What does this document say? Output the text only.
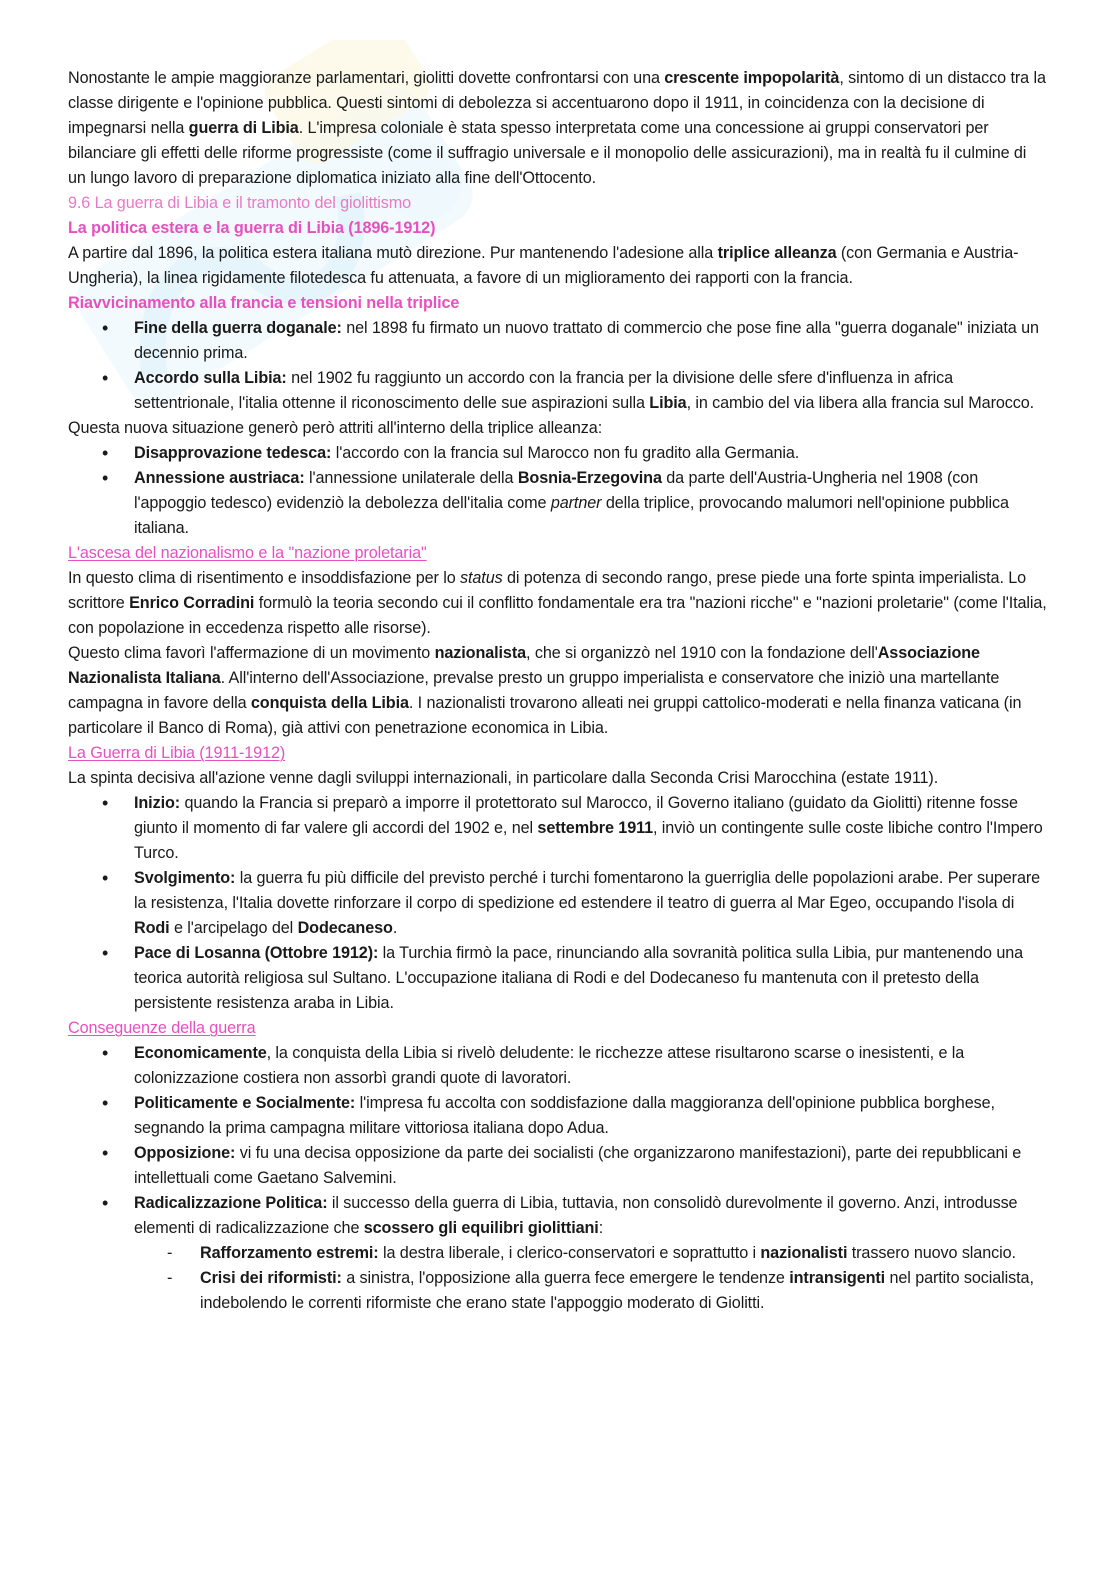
Nonostante le ampie maggioranze parlamentari, giolitti dovette confrontarsi con una crescente impopolarità, sintomo di un distacco tra la classe dirigente e l'opinione pubblica. Questi sintomi di debolezza si accentuarono dopo il 1911, in coincidenza con la decisione di impegnarsi nella guerra di Libia. L'impresa coloniale è stata spesso interpretata come una concessione ai gruppi conservatori per bilanciare gli effetti delle riforme progressiste (come il suffragio universale e il monopolio delle assicurazioni), ma in realtà fu il culmine di un lungo lavoro di preparazione diplomatica iniziato alla fine dell'Ottocento.

9.6 La guerra di Libia e il tramonto del giolittismo
La politica estera e la guerra di Libia (1896-1912)

A partire dal 1896, la politica estera italiana mutò direzione. Pur mantenendo l'adesione alla triplice alleanza (con Germania e Austria-Ungheria), la linea rigidamente filotedesca fu attenuata, a favore di un miglioramento dei rapporti con la francia.

Riavvicinamento alla francia e tensioni nella triplice
• Fine della guerra doganale: nel 1898 fu firmato un nuovo trattato di commercio che pose fine alla "guerra doganale" iniziata un decennio prima.
• Accordo sulla Libia: nel 1902 fu raggiunto un accordo con la francia per la divisione delle sfere d'influenza in africa settentrionale, l'italia ottenne il riconoscimento delle sue aspirazioni sulla Libia, in cambio del via libera alla francia sul Marocco.

Questa nuova situazione generò però attriti all'interno della triplice alleanza:

• Disapprovazione tedesca: l'accordo con la francia sul Marocco non fu gradito alla Germania.
• Annessione austriaca: l'annessione unilaterale della Bosnia-Erzegovina da parte dell'Austria-Ungheria nel 1908 (con l'appoggio tedesco) evidenziò la debolezza dell'italia come partner della triplice, provocando malumori nell'opinione pubblica italiana.
L'ascesa del nazionalismo e la "nazione proletaria"

In questo clima di risentimento e insoddisfazione per lo status di potenza di secondo rango, prese piede una forte spinta imperialista. Lo scrittore Enrico Corradini formulò la teoria secondo cui il conflitto fondamentale era tra "nazioni ricche" e "nazioni proletarie" (come l'Italia, con popolazione in eccedenza rispetto alle risorse).

Questo clima favorì l'affermazione di un movimento nazionalista, che si organizzò nel 1910 con la fondazione dell'Associazione Nazionalista Italiana. All'interno dell'Associazione, prevalse presto un gruppo imperialista e conservatore che iniziò una martellante campagna in favore della conquista della Libia. I nazionalisti trovarono alleati nei gruppi cattolico-moderati e nella finanza vaticana (in particolare il Banco di Roma), già attivi con penetrazione economica in Libia.

La Guerra di Libia (1911-1912)

La spinta decisiva all'azione venne dagli sviluppi internazionali, in particolare dalla Seconda Crisi Marocchina (estate 1911).

• Inizio: quando la Francia si preparò a imporre il protettorato sul Marocco, il Governo italiano (guidato da Giolitti) ritenne fosse giunto il momento di far valere gli accordi del 1902 e, nel settembre 1911, inviò un contingente sulle coste libiche contro l'Impero Turco.
• Svolgimento: la guerra fu più difficile del previsto perché i turchi fomentarono la guerriglia delle popolazioni arabe. Per superare la resistenza, l'Italia dovette rinforzare il corpo di spedizione ed estendere il teatro di guerra al Mar Egeo, occupando l'isola di Rodi e l'arcipelago del Dodecaneso.
• Pace di Losanna (Ottobre 1912): la Turchia firmò la pace, rinunciando alla sovranità politica sulla Libia, pur mantenendo una teorica autorità religiosa sul Sultano. L'occupazione italiana di Rodi e del Dodecaneso fu mantenuta con il pretesto della persistente resistenza araba in Libia.
Conseguenze della guerra
• Economicamente, la conquista della Libia si rivelò deludente: le ricchezze attese risultarono scarse o inesistenti, e la colonizzazione costiera non assorbì grandi quote di lavoratori.
• Politicamente e Socialmente: l'impresa fu accolta con soddisfazione dalla maggioranza dell'opinione pubblica borghese, segnando la prima campagna militare vittoriosa italiana dopo Adua.
• Opposizione: vi fu una decisa opposizione da parte dei socialisti (che organizzarono manifestazioni), parte dei repubblicani e intellettuali come Gaetano Salvemini.
• Radicalizzazione Politica: il successo della guerra di Libia, tuttavia, non consolidò durevolmente il governo. Anzi, introdusse elementi di radicalizzazione che scossero gli equilibri giolittiani:
- Rafforzamento estremi: la destra liberale, i clerico-conservatori e soprattutto i nazionalisti trassero nuovo slancio.
- Crisi dei riformisti: a sinistra, l'opposizione alla guerra fece emergere le tendenze intransigenti nel partito socialista, indebolendo le correnti riformiste che erano state l'appoggio moderato di Giolitti.
